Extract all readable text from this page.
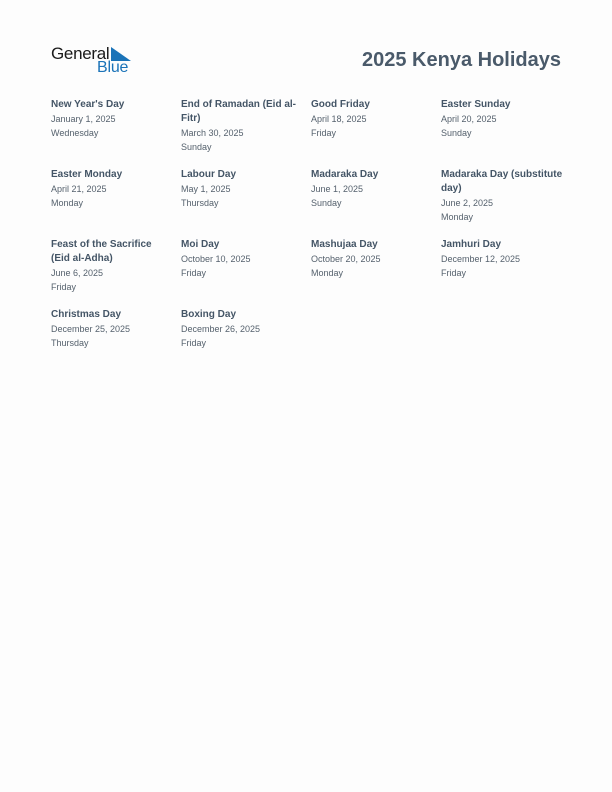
General
Blue	2025 Kenya Holidays
New Year's Day
January 1, 2025
Wednesday
End of Ramadan (Eid al-Fitr)
March 30, 2025
Sunday
Good Friday
April 18, 2025
Friday
Easter Sunday
April 20, 2025
Sunday
Easter Monday
April 21, 2025
Monday
Labour Day
May 1, 2025
Thursday
Madaraka Day
June 1, 2025
Sunday
Madaraka Day (substitute day)
June 2, 2025
Monday
Feast of the Sacrifice (Eid al-Adha)
June 6, 2025
Friday
Moi Day
October 10, 2025
Friday
Mashujaa Day
October 20, 2025
Monday
Jamhuri Day
December 12, 2025
Friday
Christmas Day
December 25, 2025
Thursday
Boxing Day
December 26, 2025
Friday
